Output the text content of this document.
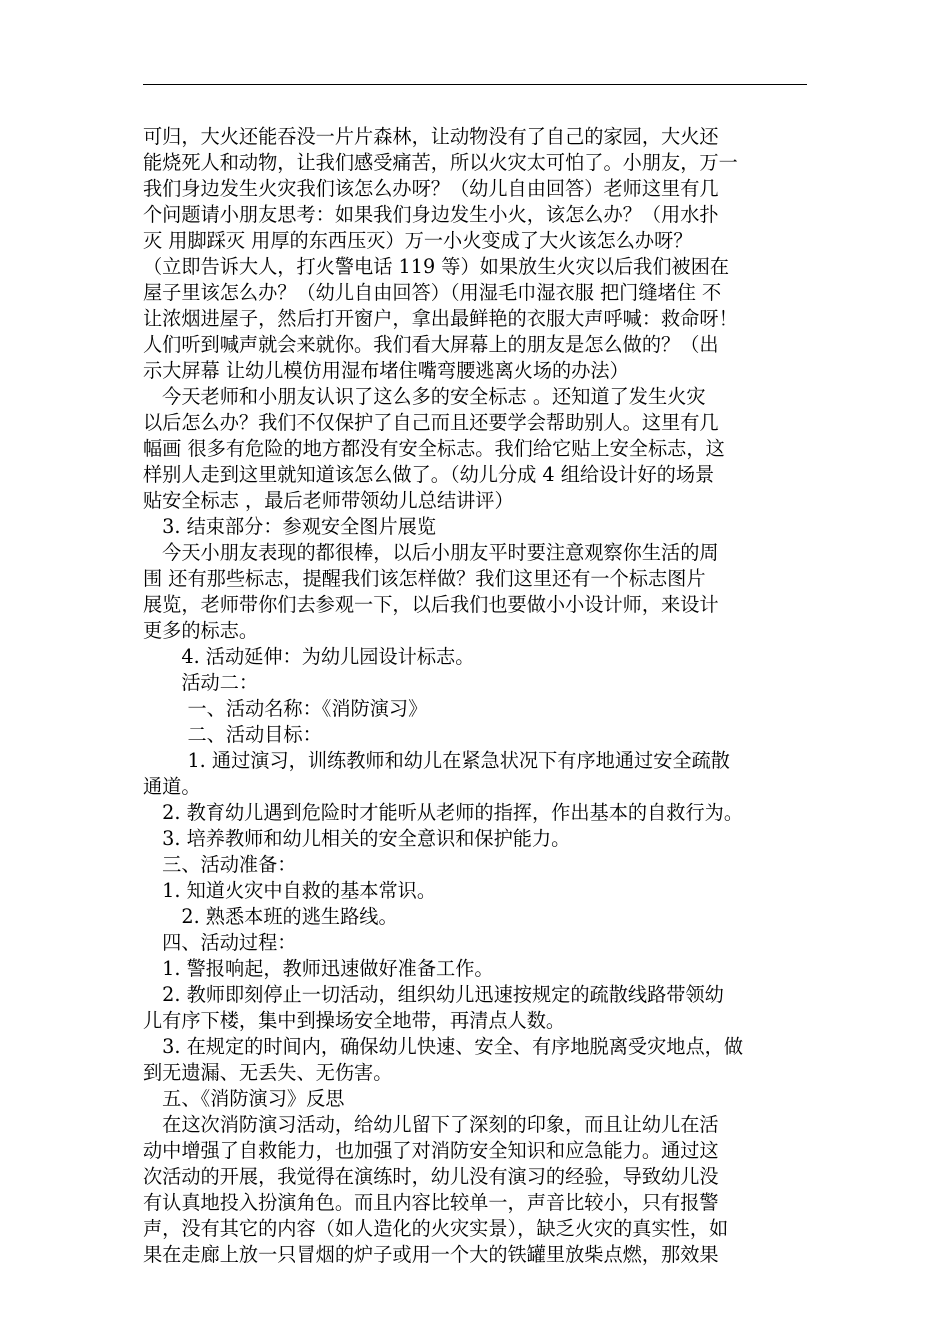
可归，大火还能吞没一片片森林，让动物没有了自己的家园，大火还
能烧死人和动物，让我们感受痛苦，所以火灾太可怕了。小朋友，万一
我们身边发生火灾我们该怎么办呀？（幼儿自由回答）老师这里有几
个问题请小朋友思考：如果我们身边发生小火，该怎么办？（用水扑
灭 用脚踩灭 用厚的东西压灭）万一小火变成了大火该怎么办呀？
（立即告诉大人，打火警电话 119 等）如果放生火灾以后我们被困在
屋子里该怎么办？（幼儿自由回答）（用湿毛巾湿衣服 把门缝堵住 不
让浓烟进屋子，然后打开窗户，拿出最鲜艳的衣服大声呼喊：救命呀！
人们听到喊声就会来就你。我们看大屏幕上的朋友是怎么做的？（出
示大屏幕 让幼儿模仿用湿布堵住嘴弯腰逃离火场的办法）
　今天老师和小朋友认识了这么多的安全标志 。还知道了发生火灾
以后怎么办？我们不仅保护了自己而且还要学会帮助别人。这里有几
幅画 很多有危险的地方都没有安全标志。我们给它贴上安全标志，这
样别人走到这里就知道该怎么做了。（幼儿分成 4 组给设计好的场景
贴安全标志 ，最后老师带领幼儿总结讲评）
　3. 结束部分：参观安全图片展览
　今天小朋友表现的都很棒，以后小朋友平时要注意观察你生活的周
围 还有那些标志，提醒我们该怎样做？我们这里还有一个标志图片
展览，老师带你们去参观一下，以后我们也要做小小设计师，来设计
更多的标志。
　　4. 活动延伸：为幼儿园设计标志。
　　活动二：
　　 一、活动名称：《消防演习》
　　 二、活动目标：
　　 1. 通过演习，训练教师和幼儿在紧急状况下有序地通过安全疏散
通道。
　2. 教育幼儿遇到危险时才能听从老师的指挥，作出基本的自救行为。
　3. 培养教师和幼儿相关的安全意识和保护能力。
　三、活动准备：
　1. 知道火灾中自救的基本常识。
　　2. 熟悉本班的逃生路线。
　四、活动过程：
　1. 警报响起，教师迅速做好准备工作。
　2. 教师即刻停止一切活动，组织幼儿迅速按规定的疏散线路带领幼
儿有序下楼，集中到操场安全地带，再清点人数。
　3. 在规定的时间内，确保幼儿快速、安全、有序地脱离受灾地点，做
到无遗漏、无丢失、无伤害。
　五、《消防演习》反思
　在这次消防演习活动，给幼儿留下了深刻的印象，而且让幼儿在活
动中增强了自救能力，也加强了对消防安全知识和应急能力。通过这
次活动的开展，我觉得在演练时，幼儿没有演习的经验，导致幼儿没
有认真地投入扮演角色。而且内容比较单一，声音比较小，只有报警
声，没有其它的内容（如人造化的火灾实景），缺乏火灾的真实性，如
果在走廊上放一只冒烟的炉子或用一个大的铁罐里放柴点燃，那效果
